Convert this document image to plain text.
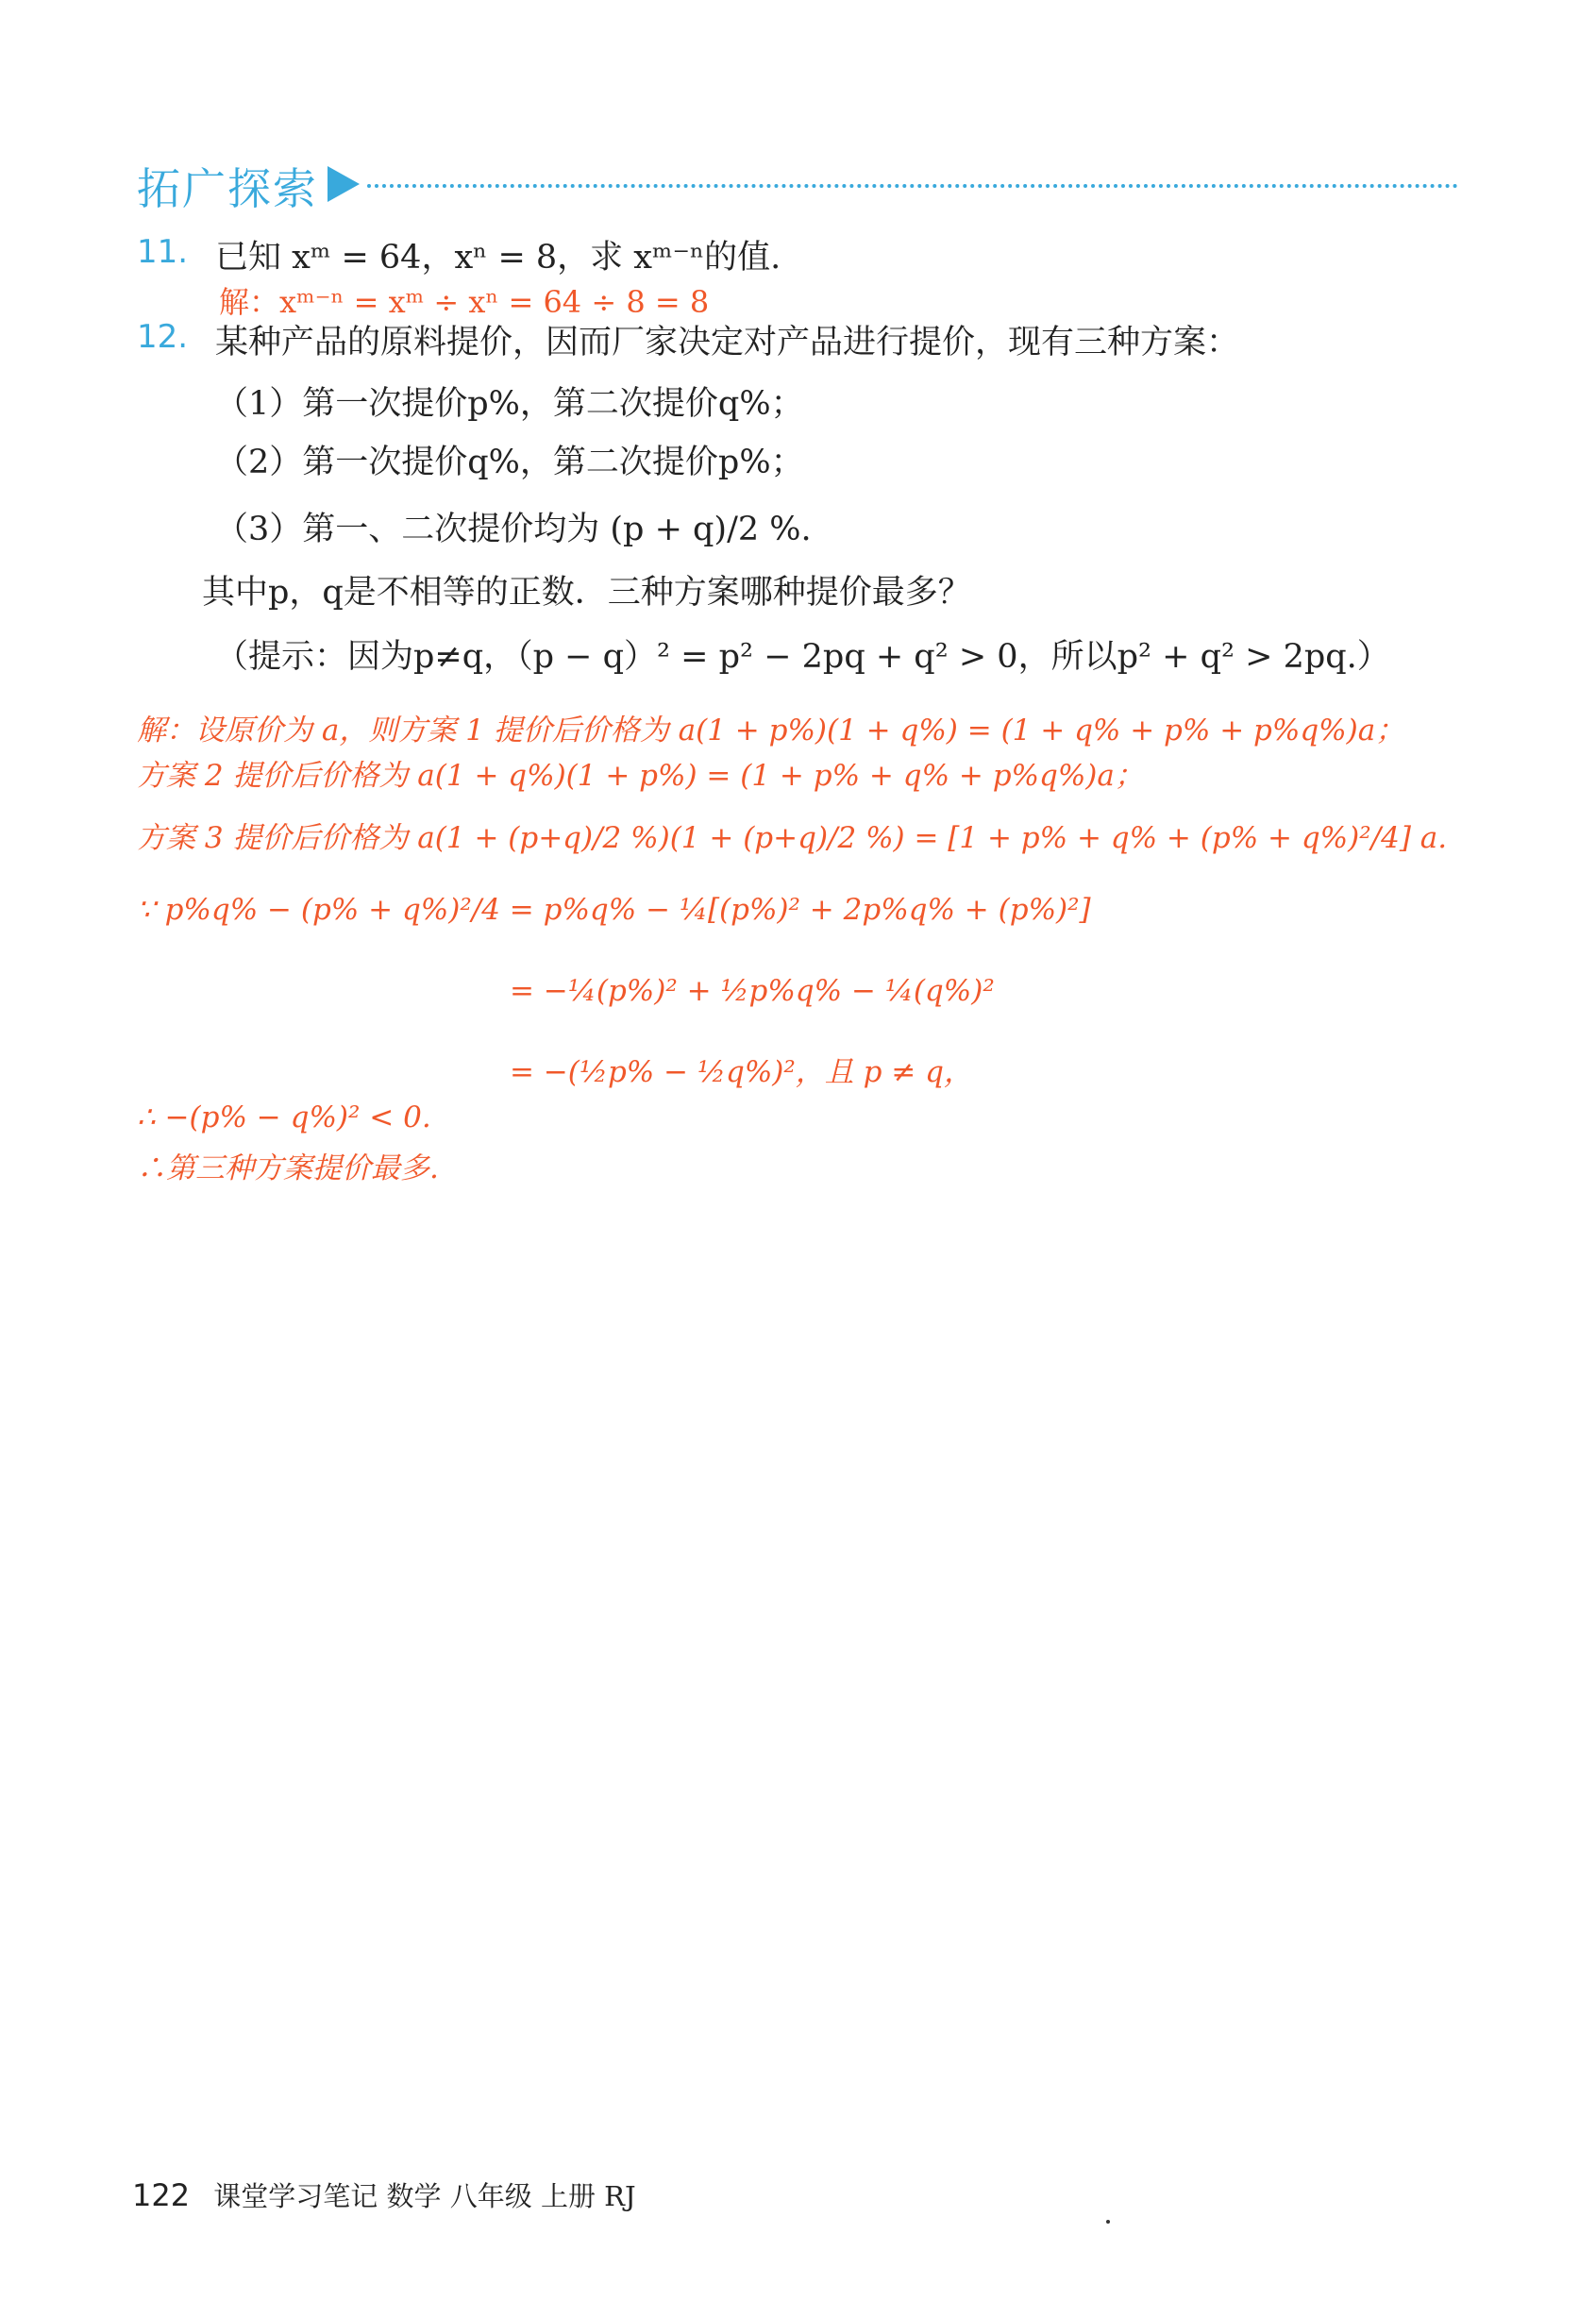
拓广探索
11. 已知 xᵐ = 64，xⁿ = 8，求 xᵐ⁻ⁿ的值.
解：xᵐ⁻ⁿ = xᵐ ÷ xⁿ = 64 ÷ 8 = 8
12. 某种产品的原料提价，因而厂家决定对产品进行提价，现有三种方案：
（1）第一次提价p%，第二次提价q%；
（2）第一次提价q%，第二次提价p%；
（3）第一、二次提价均为 (p + q)/2 %.
其中p，q是不相等的正数．三种方案哪种提价最多？
（提示：因为p≠q，（p − q）² = p² − 2pq + q² > 0，所以p² + q² > 2pq.）
解：设原价为 a，则方案 1 提价后价格为 a(1 + p%)(1 + q%) = (1 + q% + p% + p%q%)a；
方案 2 提价后价格为 a(1 + q%)(1 + p%) = (1 + p% + q% + p%q%)a；
方案 3 提价后价格为 a(1 + (p+q)/2 %)(1 + (p+q)/2 %) = [1 + p% + q% + (p% + q%)²/4] a.
∵ p%q% − (p% + q%)²/4 = p%q% − ¼[(p%)² + 2p%q% + (p%)²]
= −¼(p%)² + ½p%q% − ¼(q%)²
= −(½p% − ½q%)²，且 p ≠ q，
∴ −(p% − q%)² < 0.
∴第三种方案提价最多.
122 课堂学习笔记 数学 八年级 上册 RJ
